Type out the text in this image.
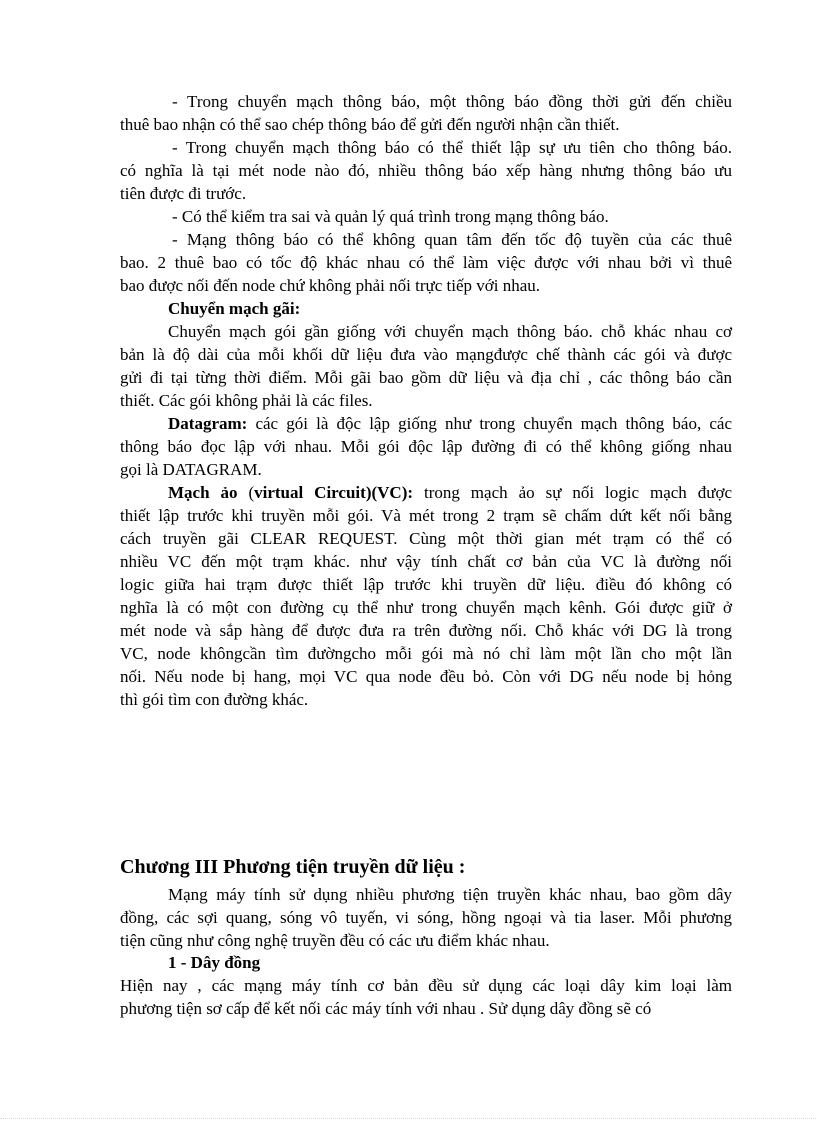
- Trong chuyển mạch thông báo, một thông báo đồng thời gửi đến chiều
thuê bao nhận có thể sao chép thông báo để gửi đến người nhận cần thiết.
- Trong chuyển mạch thông báo có thể thiết lập sự ưu tiên cho thông báo.
có nghĩa là tại mét node nào đó, nhiều thông báo xếp hàng nhưng thông báo ưu
tiên được đi trước.
- Có thể kiểm tra sai và quản lý quá trình trong mạng thông báo.
- Mạng thông báo có thể không quan tâm đến tốc độ tuyền của các thuê
bao. 2 thuê bao có tốc độ khác nhau có thể làm việc được với nhau bởi vì thuê
bao được nối đến node chứ không phải nối trực tiếp với nhau.
Chuyển mạch gãi:
Chuyển mạch gói gần giống với chuyển mạch thông báo. chỗ khác nhau cơ
bản là độ dài của mỗi khối dữ liệu đưa vào mạngđược chế thành các gói và được
gửi đi tại từng thời điểm. Mỗi gãi bao gồm dữ liệu và địa chỉ , các thông báo cần
thiết. Các gói không phải là các files.
Datagram: các gói là độc lập giống như trong chuyển mạch thông báo, các
thông báo đọc lập với nhau. Mỗi gói độc lập đường đi có thể không giống nhau
gọi là DATAGRAM.
Mạch ảo (virtual Circuit)(VC): trong mạch ảo sự nối logic mạch được
thiết lập trước khi truyền mỗi gói. Và mét trong 2 trạm sẽ chấm dứt kết nối bằng
cách truyền gãi CLEAR REQUEST. Cùng một thời gian mét trạm có thể có
nhiều VC đến một trạm khác. như vậy tính chất cơ bản của VC là đường nối
logic giữa hai trạm được thiết lập trước khi truyền dữ liệu. điều đó không có
nghĩa là có một con đường cụ thể như trong chuyển mạch kênh. Gói được giữ ở
mét node và sắp hàng để được đưa ra trên đường nối. Chỗ khác với DG là trong
VC, node khôngcần tìm đườngcho mỗi gói mà nó chỉ làm một lần cho một lần
nối. Nếu node bị hang, mọi VC qua node đều bỏ. Còn với DG nếu node bị hỏng
thì gói tìm con đường khác.
Chương III Phương tiện truyền dữ liệu :
Mạng máy tính sử dụng nhiều phương tiện truyền khác nhau, bao gồm dây
đồng, các sợi quang, sóng vô tuyến, vi sóng, hồng ngoại và tia laser. Mỗi phương
tiện cũng như công nghệ truyền đều có các ưu điểm khác nhau.
1 - Dây đồng
Hiện nay , các mạng máy tính cơ bản đều sử dụng các loại dây kim loại làm
phương tiện sơ cấp để kết nối các máy tính với nhau . Sử dụng dây đồng sẽ có
